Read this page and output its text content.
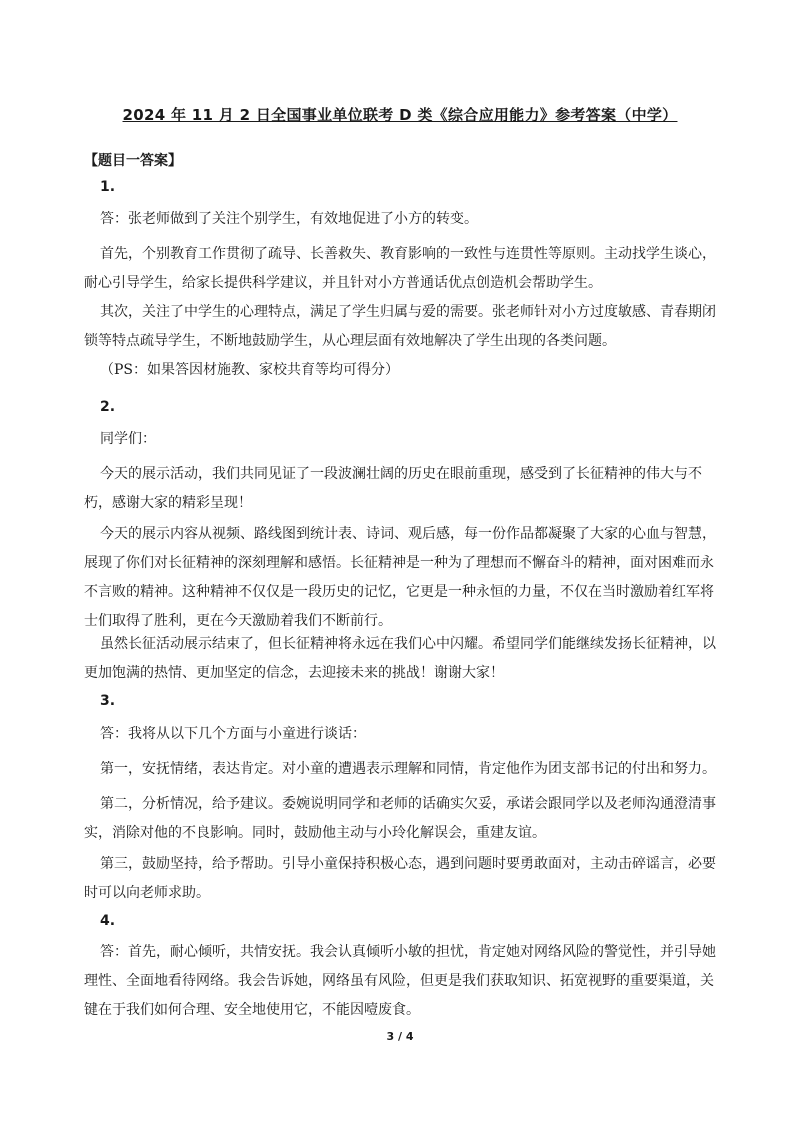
2024 年 11 月 2 日全国事业单位联考 D 类《综合应用能力》参考答案（中学）
【题目一答案】
1.

答：张老师做到了关注个别学生，有效地促进了小方的转变。

首先，个别教育工作贯彻了疏导、长善救失、教育影响的一致性与连贯性等原则。主动找学生谈心，耐心引导学生，给家长提供科学建议，并且针对小方普通话优点创造机会帮助学生。

其次，关注了中学生的心理特点，满足了学生归属与爱的需要。张老师针对小方过度敏感、青春期闭锁等特点疏导学生，不断地鼓励学生，从心理层面有效地解决了学生出现的各类问题。

（PS：如果答因材施教、家校共育等均可得分）

2.

同学们：

今天的展示活动，我们共同见证了一段波澜壮阔的历史在眼前重现，感受到了长征精神的伟大与不朽，感谢大家的精彩呈现！

今天的展示内容从视频、路线图到统计表、诗词、观后感，每一份作品都凝聚了大家的心血与智慧，展现了你们对长征精神的深刻理解和感悟。长征精神是一种为了理想而不懈奋斗的精神，面对困难而永不言败的精神。这种精神不仅仅是一段历史的记忆，它更是一种永恒的力量，不仅在当时激励着红军将士们取得了胜利，更在今天激励着我们不断前行。

虽然长征活动展示结束了，但长征精神将永远在我们心中闪耀。希望同学们能继续发扬长征精神，以更加饱满的热情、更加坚定的信念，去迎接未来的挑战！谢谢大家！

3.

答：我将从以下几个方面与小童进行谈话：

第一，安抚情绪，表达肯定。对小童的遭遇表示理解和同情，肯定他作为团支部书记的付出和努力。

第二，分析情况，给予建议。委婉说明同学和老师的话确实欠妥，承诺会跟同学以及老师沟通澄清事实，消除对他的不良影响。同时，鼓励他主动与小玲化解误会，重建友谊。

第三，鼓励坚持，给予帮助。引导小童保持积极心态，遇到问题时要勇敢面对，主动击碎谣言，必要时可以向老师求助。

4.

答：首先，耐心倾听，共情安抚。我会认真倾听小敏的担忧，肯定她对网络风险的警觉性，并引导她理性、全面地看待网络。我会告诉她，网络虽有风险，但更是我们获取知识、拓宽视野的重要渠道，关键在于我们如何合理、安全地使用它，不能因噎废食。

3 / 4
